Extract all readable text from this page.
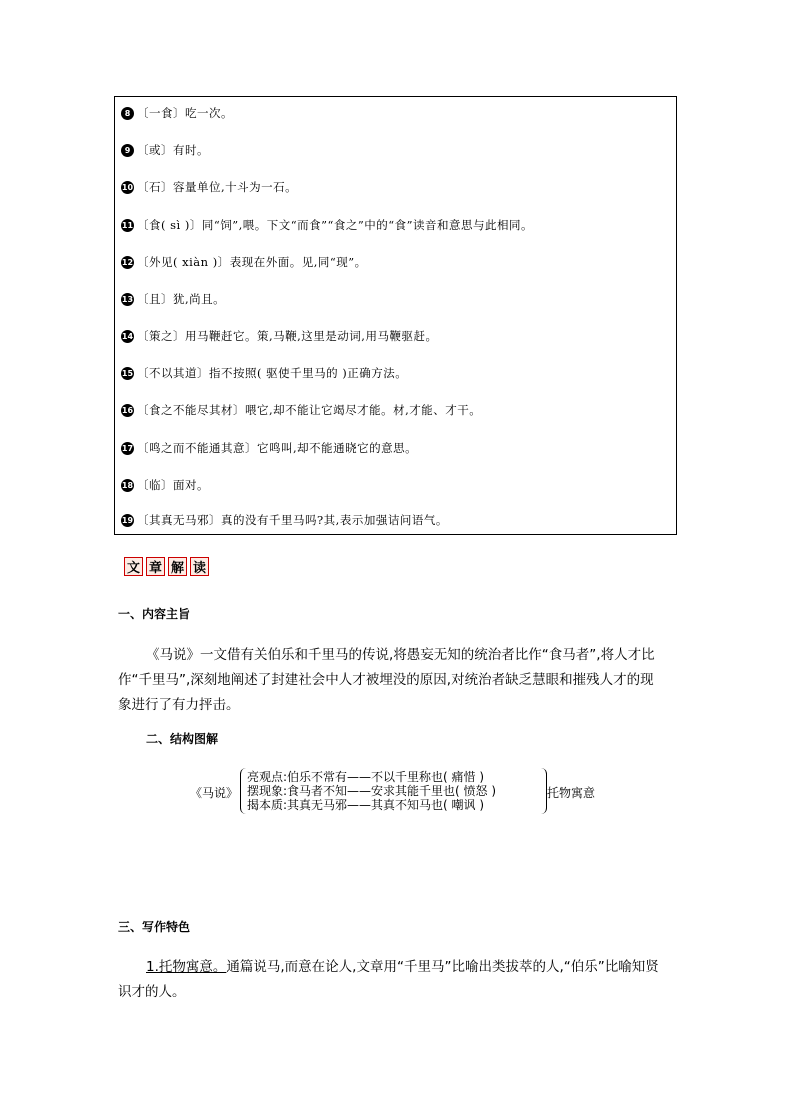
8 〔一食〕吃一次。
9 〔或〕有时。
10 〔石〕容量单位,十斗为一石。
11 〔食( sì )〕同“饲”,喂。下文“而食”“食之”中的“食”读音和意思与此相同。
12 〔外见( xiàn )〕表现在外面。见,同“现”。
13 〔且〕犹,尚且。
14 〔策之〕用马鞭赶它。策,马鞭,这里是动词,用马鞭驱赶。
15 〔不以其道〕指不按照( 驱使千里马的 )正确方法。
16 〔食之不能尽其材〕喂它,却不能让它竭尽才能。材,才能、才干。
17 〔鸣之而不能通其意〕它鸣叫,却不能通晓它的意思。
18 〔临〕面对。
19 〔其真无马邪〕真的没有千里马吗?其,表示加强诘问语气。
文 章 解 读
一、内容主旨
《马说》一文借有关伯乐和千里马的传说,将愚妄无知的统治者比作“食马者”,将人才比
作“千里马”,深刻地阐述了封建社会中人才被埋没的原因,对统治者缺乏慧眼和摧残人才的现
象进行了有力抨击。
二、结构图解
《马说》
亮观点:伯乐不常有——不以千里称也( 痛惜 )
摆现象:食马者不知——安求其能千里也( 愤怒 )
揭本质:其真无马邪——其真不知马也( 嘲讽 )
托物寓意
三、写作特色
1.托物寓意。通篇说马,而意在论人,文章用“千里马”比喻出类拔萃的人,“伯乐”比喻知贤
识才的人。
